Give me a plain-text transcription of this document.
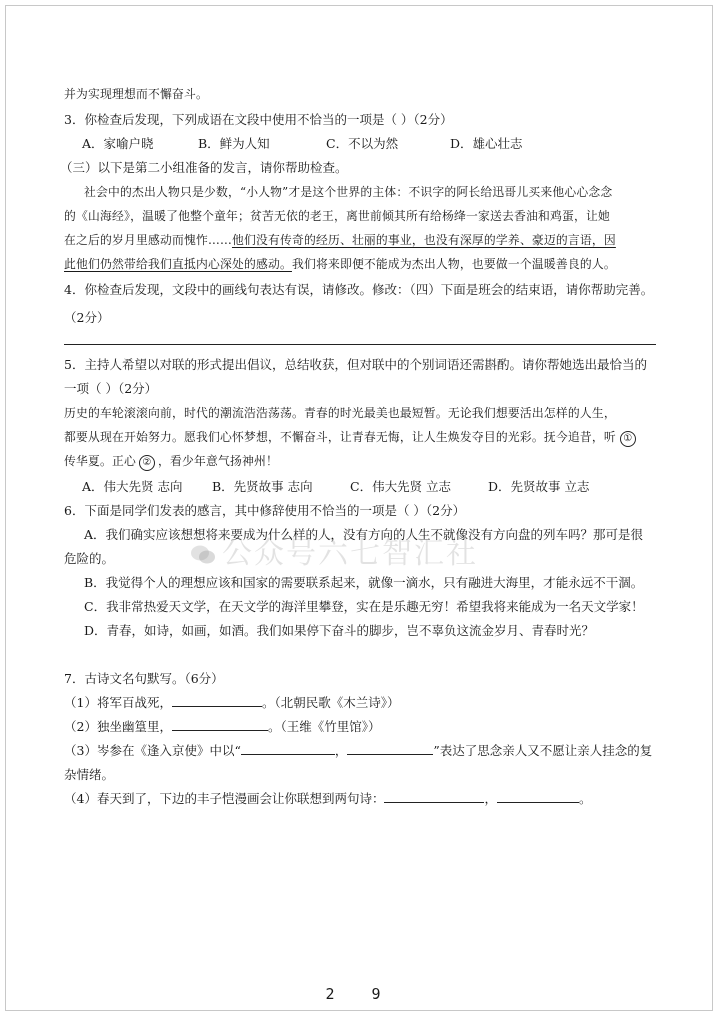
并为实现理想而不懈奋斗。
3．你检查后发现，下列成语在文段中使用不恰当的一项是（ ）（2分）
A．家喻户晓	B．鲜为人知	C．不以为然	D．雄心壮志
（三）以下是第二小组准备的发言，请你帮助检查。
社会中的杰出人物只是少数，“小人物”才是这个世界的主体：不识字的阿长给迅哥儿买来他心心念念
的《山海经》，温暖了他整个童年；贫苦无依的老王，离世前倾其所有给杨绛一家送去香油和鸡蛋，让她
在之后的岁月里感动而愧怍……他们没有传奇的经历、壮丽的事业，也没有深厚的学养、豪迈的言语，因
此他们仍然带给我们直抵内心深处的感动。我们将来即便不能成为杰出人物，也要做一个温暖善良的人。
4．你检查后发现，文段中的画线句表达有误，请修改。修改：（四）下面是班会的结束语，请你帮助完善。
（2分）
5．主持人希望以对联的形式提出倡议，总结收获，但对联中的个别词语还需斟酌。请你帮她选出最恰当的
一项（ ）（2分）
历史的车轮滚滚向前，时代的潮流浩浩荡荡。青春的时光最美也最短暂。无论我们想要活出怎样的人生，
都要从现在开始努力。愿我们心怀梦想，不懈奋斗，让青春无悔，让人生焕发夺目的光彩。抚今追昔，听 ①
传华夏。正心 ② ，看少年意气扬神州！
A．伟大先贤 志向	B．先贤故事 志向	C．伟大先贤 立志	D．先贤故事 立志
6．下面是同学们发表的感言，其中修辞使用不恰当的一项是（ ）（2分）
A．我们确实应该想想将来要成为什么样的人，没有方向的人生不就像没有方向盘的列车吗？那可是很
危险的。
B．我觉得个人的理想应该和国家的需要联系起来，就像一滴水，只有融进大海里，才能永远不干涸。
C．我非常热爱天文学，在天文学的海洋里攀登，实在是乐趣无穷！希望我将来能成为一名天文学家！
D．青春，如诗，如画，如酒。我们如果停下奋斗的脚步，岂不辜负这流金岁月、青春时光？
7．古诗文名句默写。（6分）
（1）将军百战死，	。（北朝民歌《木兰诗》）
（2）独坐幽篁里，	。（王维《竹里馆》）
（3）岑参在《逢入京使》中以“	，	”表达了思念亲人又不愿让亲人挂念的复
杂情绪。
（4）春天到了，下边的丰子恺漫画会让你联想到两句诗：	，	。
公众号六七智汇社
2 9
